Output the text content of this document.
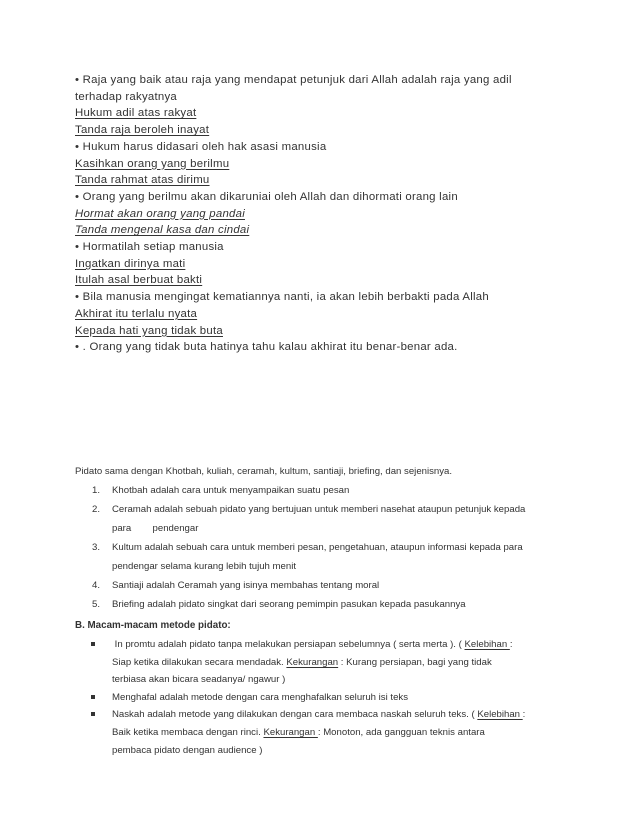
• Raja yang baik atau raja yang mendapat petunjuk dari Allah adalah raja yang adil
terhadap rakyatnya
Hukum adil atas rakyat
Tanda raja beroleh inayat
• Hukum harus didasari oleh hak asasi manusia
Kasihkan orang yang berilmu
Tanda rahmat atas dirimu
• Orang yang berilmu akan dikaruniai oleh Allah dan dihormati orang lain
Hormat akan orang yang pandai
Tanda mengenal kasa dan cindai
• Hormatilah setiap manusia
Ingatkan dirinya mati
Itulah asal berbuat bakti
• Bila manusia mengingat kematiannya nanti, ia akan lebih berbakti pada Allah
Akhirat itu terlalu nyata
Kepada hati yang tidak buta
• . Orang yang tidak buta hatinya tahu kalau akhirat itu benar-benar ada.
Pidato sama dengan Khotbah, kuliah, ceramah, kultum, santiaji, briefing, dan sejenisnya.
1. Khotbah adalah cara untuk menyampaikan suatu pesan
2. Ceramah adalah sebuah pidato yang bertujuan untuk memberi nasehat ataupun petunjuk kepada
para        pendengar
3. Kultum adalah sebuah cara untuk memberi pesan, pengetahuan, ataupun informasi kepada para
pendengar selama kurang lebih tujuh menit
4. Santiaji adalah Ceramah yang isinya membahas tentang moral
5. Briefing adalah pidato singkat dari seorang pemimpin pasukan kepada pasukannya
B. Macam-macam metode pidato:
In promtu adalah pidato tanpa melakukan persiapan sebelumnya ( serta merta ). ( Kelebihan :
Siap ketika dilakukan secara mendadak. Kekurangan : Kurang persiapan, bagi yang tidak
terbiasa akan bicara seadanya/ ngawur )
Menghafal adalah metode dengan cara menghafalkan seluruh isi teks
Naskah adalah metode yang dilakukan dengan cara membaca naskah seluruh teks. ( Kelebihan :
Baik ketika membaca dengan rinci. Kekurangan : Monoton, ada gangguan teknis antara
pembaca pidato dengan audience )
